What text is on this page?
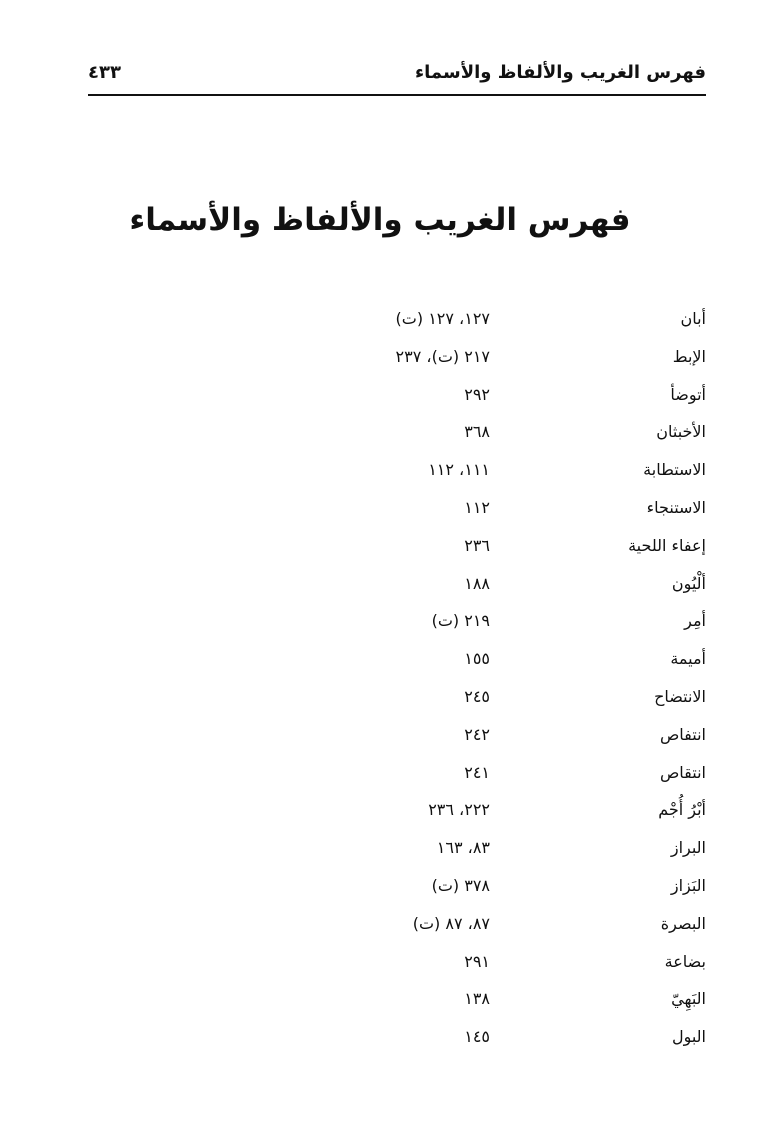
فهرس الغريب والألفاظ والأسماء
٤٣٣
فهرس الغريب والألفاظ والأسماء
أبان
١٢٧، ١٢٧ (ت)
الإبط
٢١٧ (ت)، ٢٣٧
أتوضأ
٢٩٢
الأخبثان
٣٦٨
الاستطابة
١١١، ١١٢
الاستنجاء
١١٢
إعفاء اللحية
٢٣٦
ألْيُون
١٨٨
أمِر
٢١٩ (ت)
أميمة
١٥٥
الانتضاح
٢٤٥
انتفاص
٢٤٢
انتقاص
٢٤١
أبْرُ أُجْم
٢٢٢، ٢٣٦
البراز
٨٣، ١٦٣
البَزاز
٣٧٨ (ت)
البصرة
٨٧، ٨٧ (ت)
بضاعة
٢٩١
البَهِيّ
١٣٨
البول
١٤٥
